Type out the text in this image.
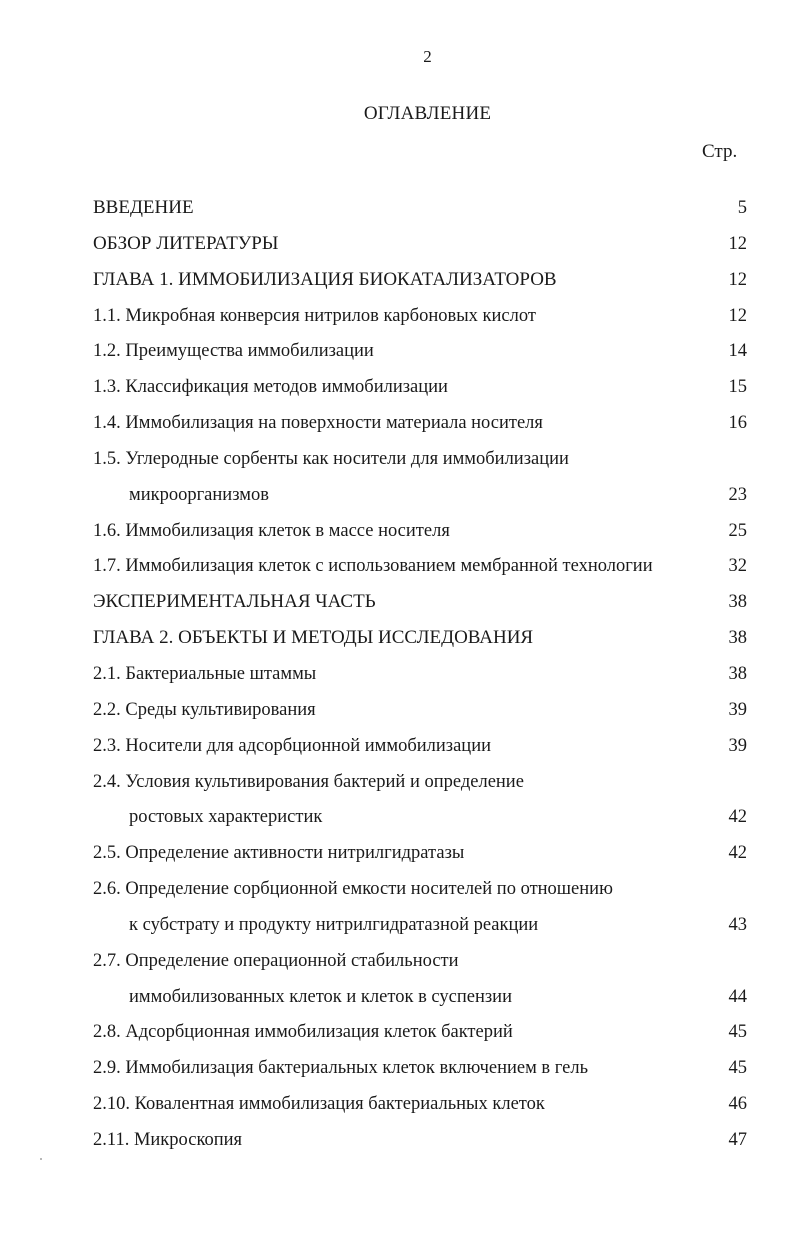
2
ОГЛАВЛЕНИЕ
Стр.
ВВЕДЕНИЕ	5
ОБЗОР ЛИТЕРАТУРЫ	12
ГЛАВА 1. ИММОБИЛИЗАЦИЯ БИОКАТАЛИЗАТОРОВ	12
1.1. Микробная конверсия нитрилов карбоновых кислот	12
1.2. Преимущества иммобилизации	14
1.3. Классификация методов иммобилизации	15
1.4. Иммобилизация на поверхности материала носителя	16
1.5. Углеродные сорбенты как носители для иммобилизации
микроорганизмов	23
1.6. Иммобилизация клеток в массе носителя	25
1.7. Иммобилизация клеток с использованием мембранной технологии	32
ЭКСПЕРИМЕНТАЛЬНАЯ ЧАСТЬ	38
ГЛАВА 2. ОБЪЕКТЫ И МЕТОДЫ ИССЛЕДОВАНИЯ	38
2.1. Бактериальные штаммы	38
2.2. Среды культивирования	39
2.3. Носители для адсорбционной иммобилизации	39
2.4. Условия культивирования бактерий и определение
ростовых характеристик	42
2.5. Определение активности нитрилгидратазы	42
2.6. Определение сорбционной емкости носителей по отношению
к субстрату и продукту нитрилгидратазной реакции	43
2.7. Определение операционной стабильности
иммобилизованных клеток и клеток в суспензии	44
2.8. Адсорбционная иммобилизация клеток бактерий	45
2.9. Иммобилизация бактериальных клеток включением в гель	45
2.10. Ковалентная иммобилизация бактериальных клеток	46
2.11. Микроскопия	47
